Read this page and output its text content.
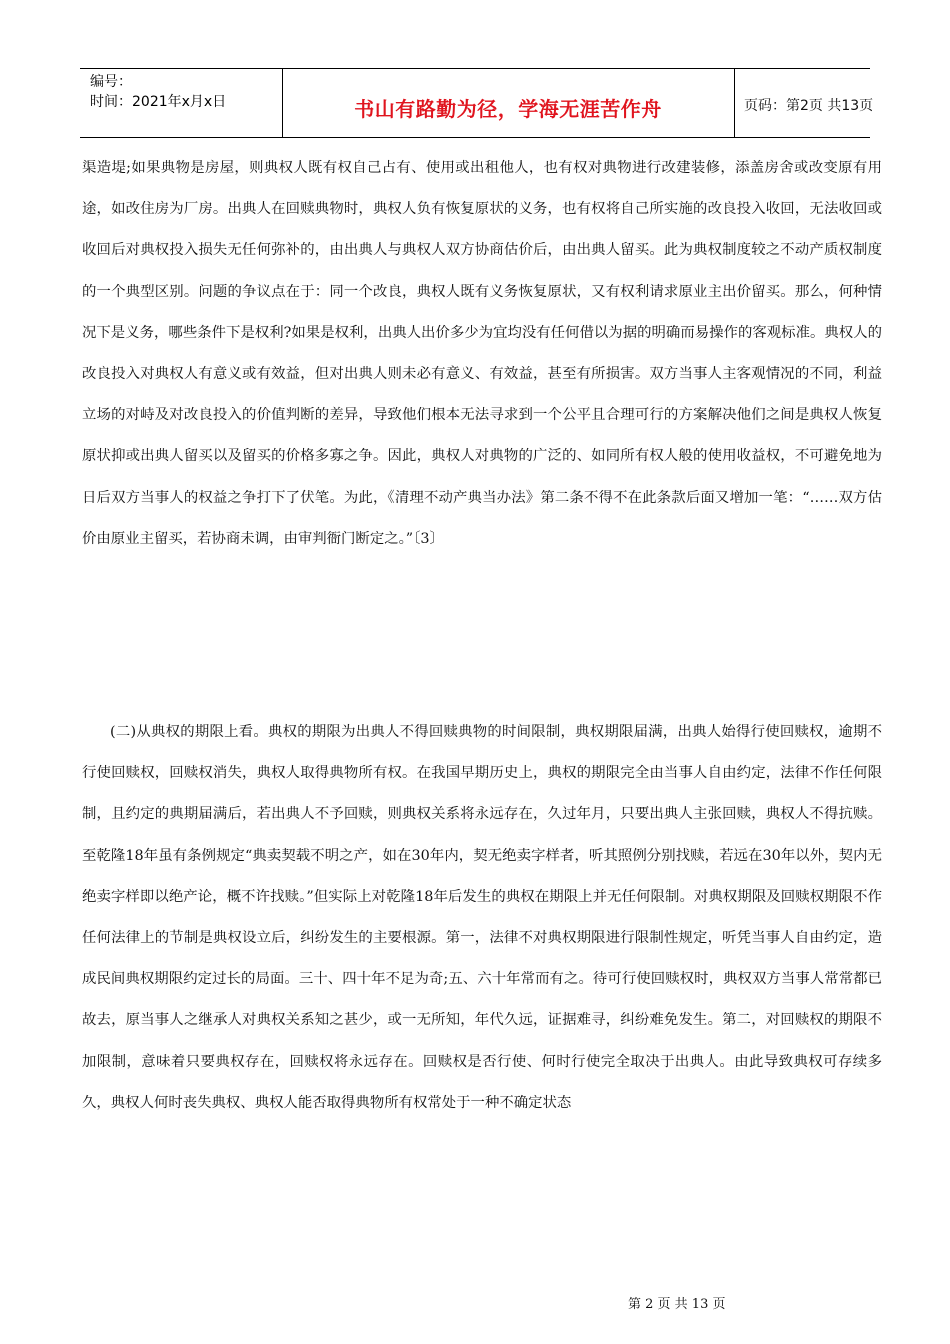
编号：
时间：2021年x月x日	书山有路勤为径，学海无涯苦作舟	页码：第2页 共13页

渠造堤;如果典物是房屋，则典权人既有权自己占有、使用或出租他人，也有权对典物进行改建装修，添盖房舍或改变原有用途，如改住房为厂房。出典人在回赎典物时，典权人负有恢复原状的义务，也有权将自己所实施的改良投入收回，无法收回或收回后对典权投入损失无任何弥补的，由出典人与典权人双方协商估价后，由出典人留买。此为典权制度较之不动产质权制度的一个典型区别。问题的争议点在于：同一个改良，典权人既有义务恢复原状，又有权利请求原业主出价留买。那么，何种情况下是义务，哪些条件下是权利?如果是权利，出典人出价多少为宜均没有任何借以为据的明确而易操作的客观标准。典权人的改良投入对典权人有意义或有效益，但对出典人则未必有意义、有效益，甚至有所损害。双方当事人主客观情况的不同，利益立场的对峙及对改良投入的价值判断的差异，导致他们根本无法寻求到一个公平且合理可行的方案解决他们之间是典权人恢复原状抑或出典人留买以及留买的价格多寡之争。因此，典权人对典物的广泛的、如同所有权人般的使用收益权，不可避免地为日后双方当事人的权益之争打下了伏笔。为此，《清理不动产典当办法》第二条不得不在此条款后面又增加一笔：“……双方估价由原业主留买，若协商未调，由审判衙门断定之。”〔3〕

(二)从典权的期限上看。典权的期限为出典人不得回赎典物的时间限制，典权期限届满，出典人始得行使回赎权，逾期不行使回赎权，回赎权消失，典权人取得典物所有权。在我国早期历史上，典权的期限完全由当事人自由约定，法律不作任何限制，且约定的典期届满后，若出典人不予回赎，则典权关系将永远存在，久过年月，只要出典人主张回赎，典权人不得抗赎。至乾隆18年虽有条例规定“典卖契载不明之产，如在30年内，契无绝卖字样者，听其照例分别找赎，若远在30年以外，契内无绝卖字样即以绝产论，概不许找赎。”但实际上对乾隆18年后发生的典权在期限上并无任何限制。对典权期限及回赎权期限不作任何法律上的节制是典权设立后，纠纷发生的主要根源。第一，法律不对典权期限进行限制性规定，听凭当事人自由约定，造成民间典权期限约定过长的局面。三十、四十年不足为奇;五、六十年常而有之。待可行使回赎权时，典权双方当事人常常都已故去，原当事人之继承人对典权关系知之甚少，或一无所知，年代久远，证据难寻，纠纷难免发生。第二，对回赎权的期限不加限制，意味着只要典权存在，回赎权将永远存在。回赎权是否行使、何时行使完全取决于出典人。由此导致典权可存续多久，典权人何时丧失典权、典权人能否取得典物所有权常处于一种不确定状态

第 2 页 共 13 页
